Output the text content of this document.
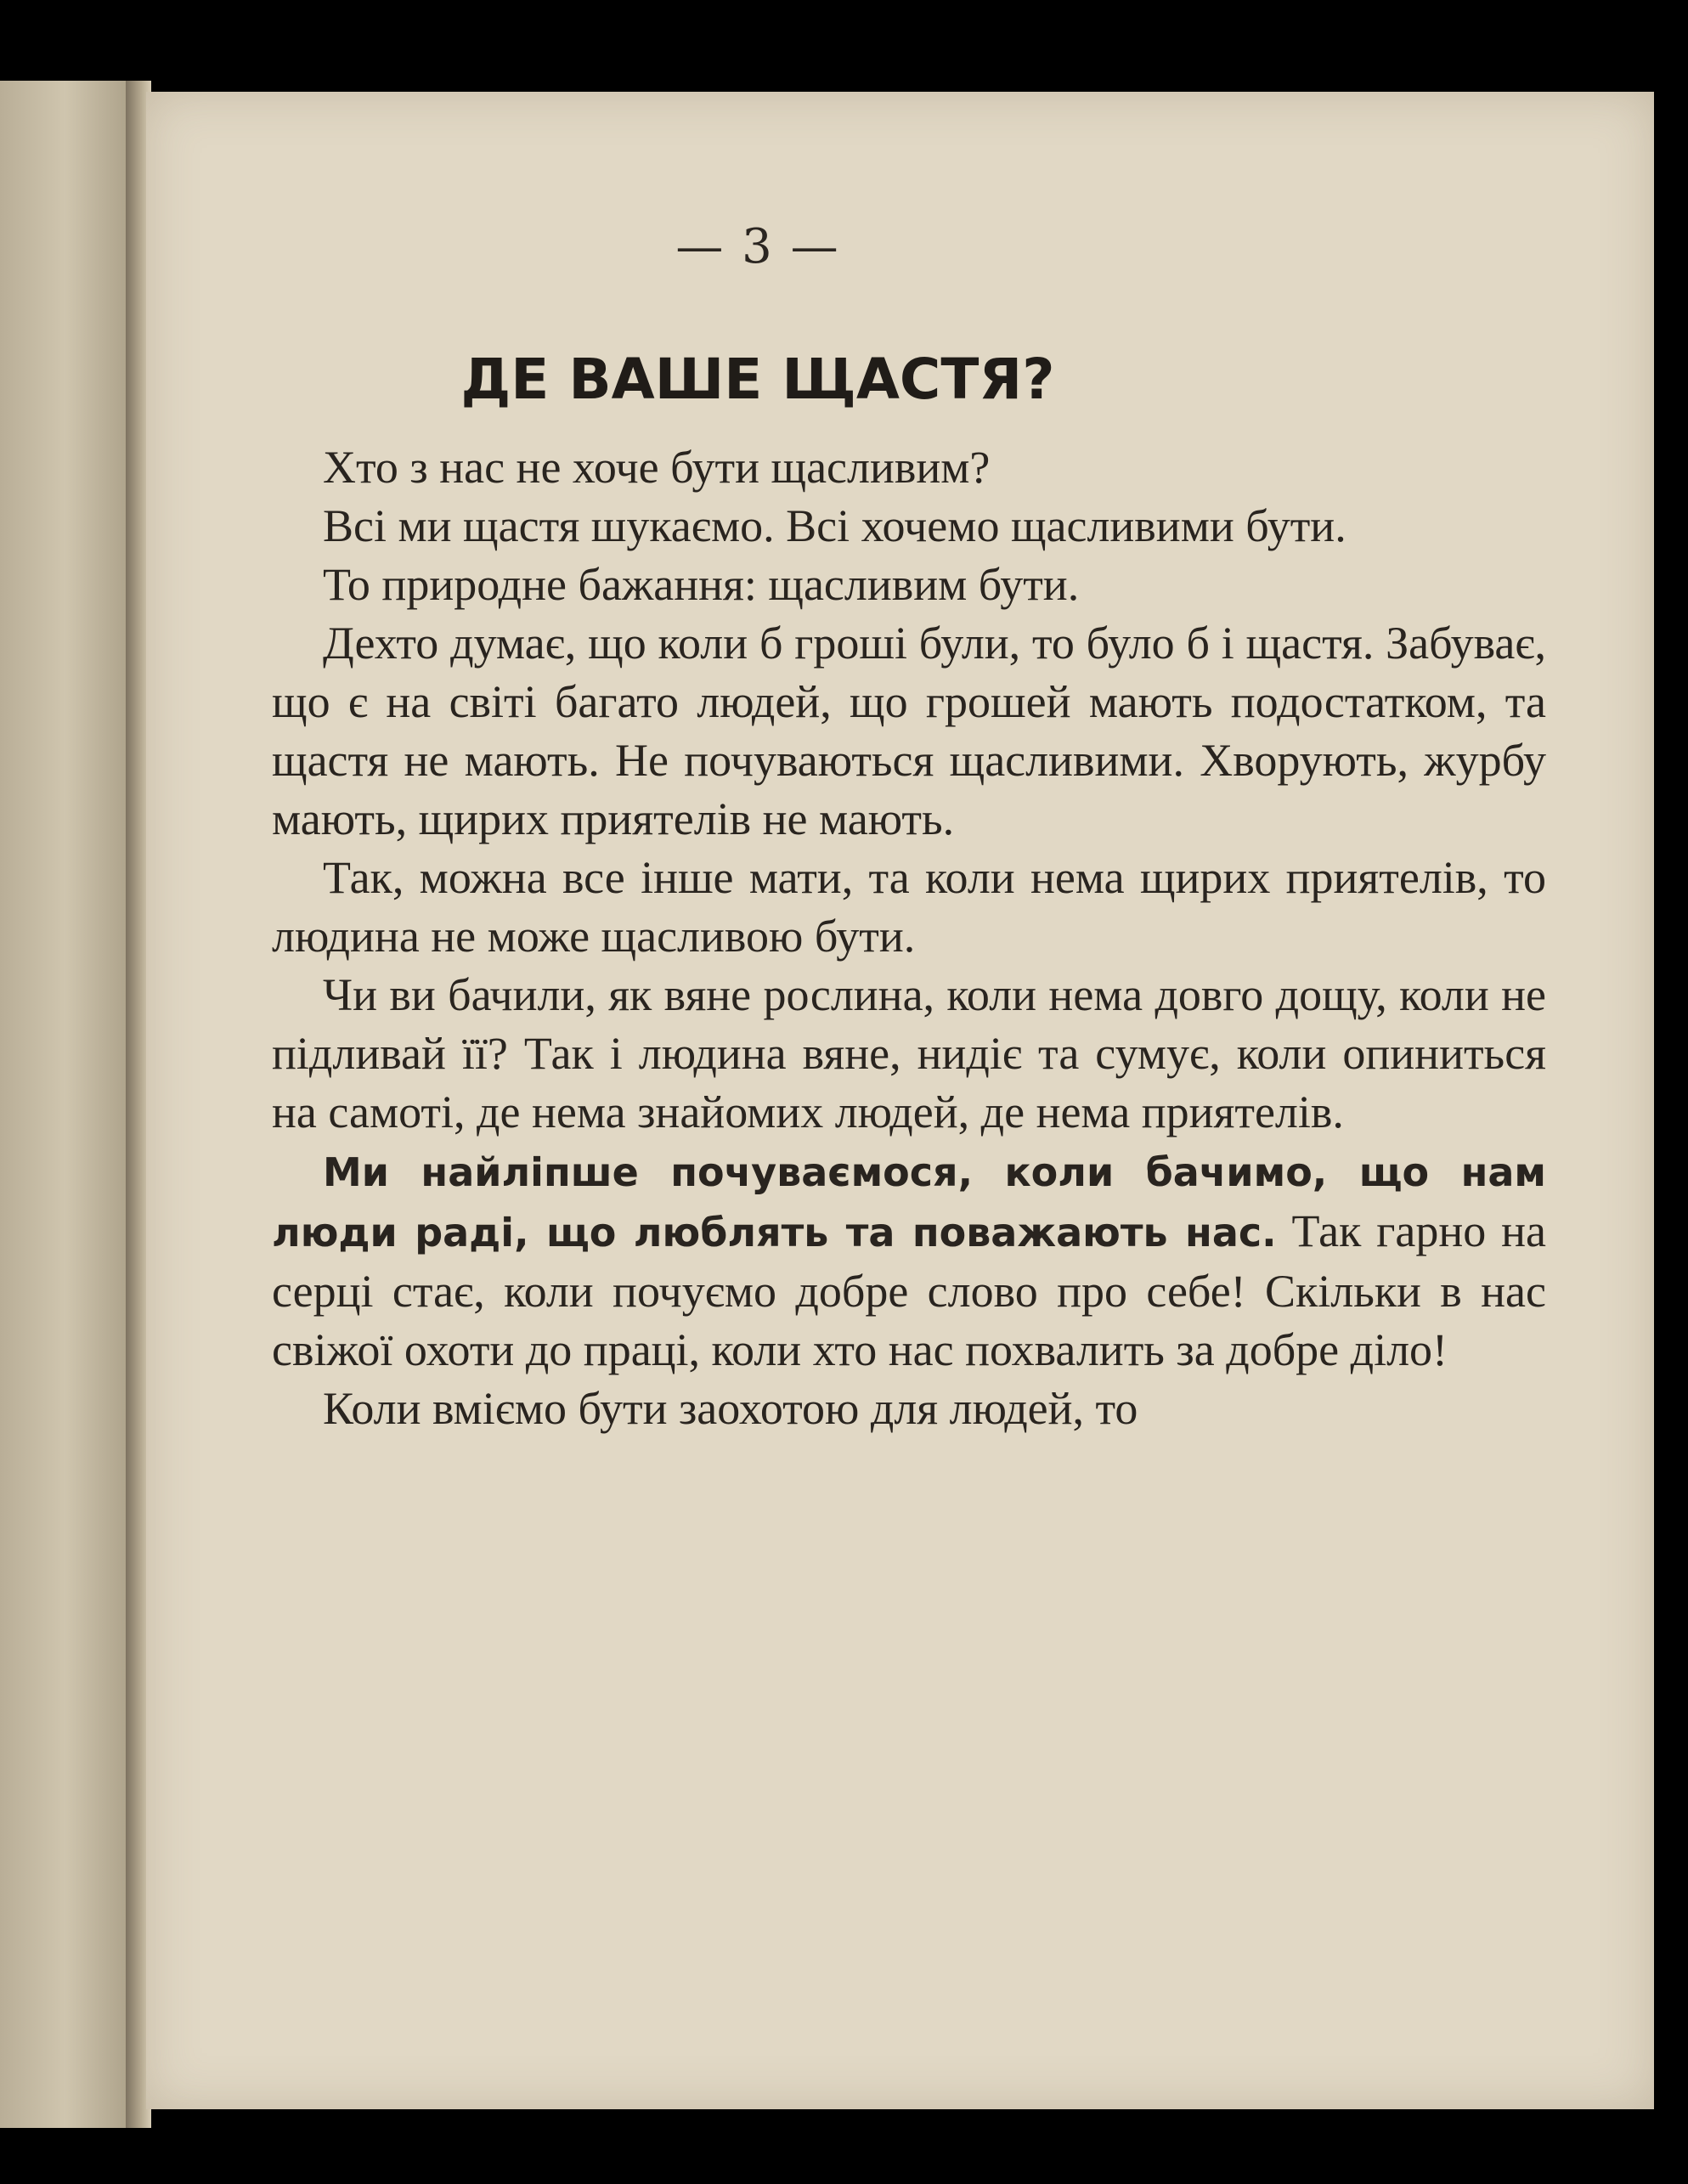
— 3 —
ДЕ ВАШЕ ЩАСТЯ?

Хто з нас не хоче бути щасливим?

Всі ми щастя шукаємо. Всі хочемо щасливими бути.

То природне бажання: щасливим бути.

Дехто думає, що коли б гроші були, то було б і щастя. Забуває, що є на світі багато людей, що грошей мають подостатком, та щастя не мають. Не почуваються щасливими. Хворують, журбу мають, щирих приятелів не мають.

Так, можна все інше мати, та коли нема щирих приятелів, то людина не може щасливою бути.

Чи ви бачили, як вяне рослина, коли нема довго дощу, коли не підливай її? Так і людина вяне, нидіє та сумує, коли опиниться на самоті, де нема знайомих людей, де нема приятелів.

Ми найліпше почуваємося, коли бачимо, що нам люди раді, що люблять та поважають нас. Так гарно на серці стає, коли почуємо добре слово про себе! Скільки в нас свіжої охоти до праці, коли хто нас похвалить за добре діло!

Коли вміємо бути заохотою для людей, то
